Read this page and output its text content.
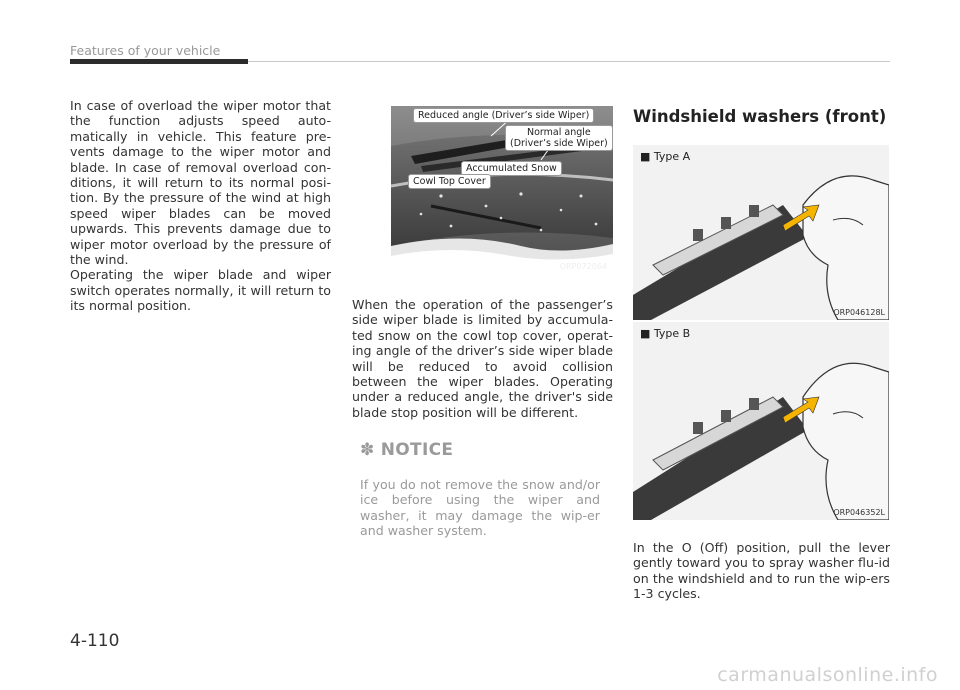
Features of your vehicle

In case of overload the wiper motor that the function adjusts speed auto-matically in vehicle. This feature pre-vents damage to the wiper motor and blade. In case of removal overload con-ditions, it will return to its normal posi-tion. By the pressure of the wind at high speed wiper blades can be moved upwards. This prevents damage due to wiper motor overload by the pressure of the wind.

Operating the wiper blade and wiper switch operates normally, it will return to its normal position.

Reduced angle (Driver’s side Wiper)
Normal angle
(Driver’s side Wiper)
Accumulated Snow
Cowl Top Cover
ORP072064

When the operation of the passenger’s side wiper blade is limited by accumula-ted snow on the cowl top cover, operat-ing angle of the driver’s side wiper blade will be reduced to avoid collision between the wiper blades. Operating under a reduced angle, the driver's side blade stop position will be different.

✽ NOTICE

If you do not remove the snow and/or ice before using the wiper and washer, it may damage the wip-er and washer system.

Windshield washers (front)
■ Type A
ORP046128L
■ Type B
ORP046352L

In the O (Off) position, pull the lever gently toward you to spray washer flu-id on the windshield and to run the wip-ers 1-3 cycles.

4-110
carmanualsonline.info
